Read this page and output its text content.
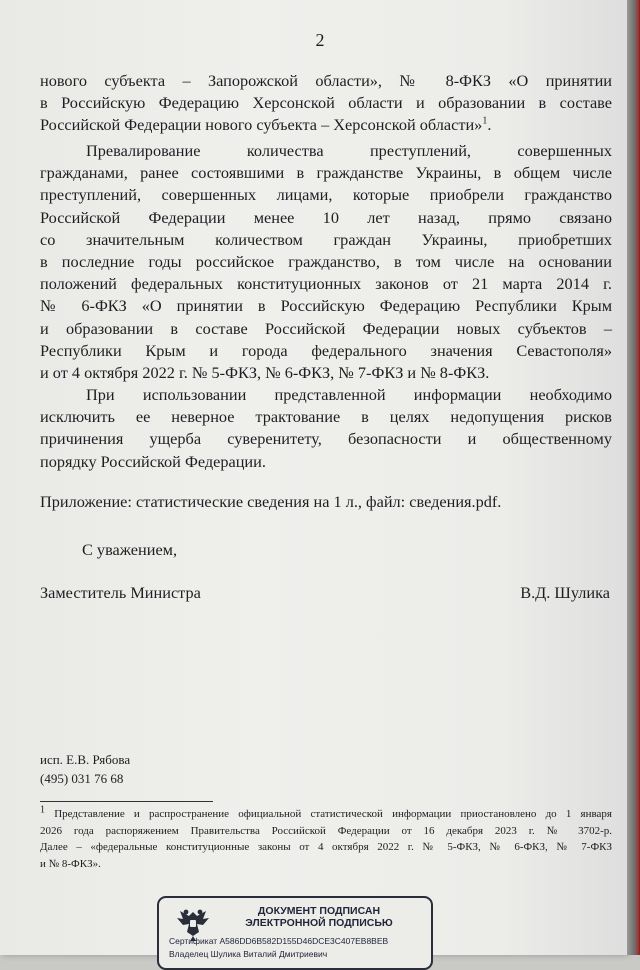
2
нового субъекта – Запорожской области», № 8-ФКЗ «О принятии
в Российскую Федерацию Херсонской области и образовании в составе
Российской Федерации нового субъекта – Херсонской области»$^1$.
Превалирование количества преступлений, совершенных
гражданами, ранее состоявшими в гражданстве Украины, в общем числе
преступлений, совершенных лицами, которые приобрели гражданство
Российской Федерации менее 10 лет назад, прямо связано
со значительным количеством граждан Украины, приобретших
в последние годы российское гражданство, в том числе на основании
положений федеральных конституционных законов от 21 марта 2014 г.
№ 6-ФКЗ «О принятии в Российскую Федерацию Республики Крым
и образовании в составе Российской Федерации новых субъектов –
Республики Крым и города федерального значения Севастополя»
и от 4 октября 2022 г. № 5-ФКЗ, № 6-ФКЗ, № 7-ФКЗ и № 8-ФКЗ.
При использовании представленной информации необходимо
исключить ее неверное трактование в целях недопущения рисков
причинения ущерба суверенитету, безопасности и общественному
порядку Российской Федерации.
Приложение: статистические сведения на 1 л., файл: сведения.pdf.
С уважением,
Заместитель Министра	В.Д. Шулика
исп. Е.В. Рябова
(495) 031 76 68
$^1$ Представление и распространение официальной статистической информации приостановлено до 1 января
2026 года распоряжением Правительства Российской Федерации от 16 декабря 2023 г. № 3702-р.
Далее – «федеральные конституционные законы от 4 октября 2022 г. № 5-ФКЗ, № 6-ФКЗ, № 7-ФКЗ
и № 8-ФКЗ».
ДОКУМЕНТ ПОДПИСАН
ЭЛЕКТРОННОЙ ПОДПИСЬЮ
Сертификат A586DD6B582D155D46DCE3C407EB8BEB
Владелец Шулика Виталий Дмитриевич
